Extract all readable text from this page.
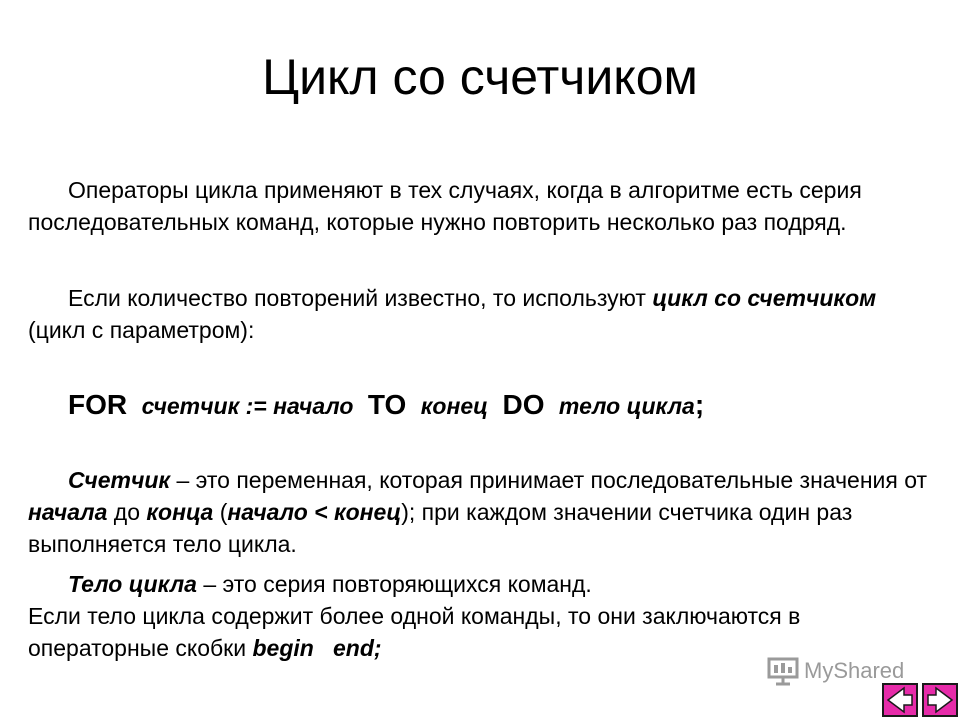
Цикл со счетчиком

Операторы цикла применяют в тех случаях, когда в алгоритме есть серия последовательных команд, которые нужно повторить несколько раз подряд.

Если количество повторений известно, то используют цикл со счетчиком (цикл с параметром):

FOR счетчик := начало TO конец DO тело цикла;

Счетчик – это переменная, которая принимает последовательные значения от начала до конца (начало < конец); при каждом значении счетчика один раз выполняется тело цикла.

Тело цикла – это серия повторяющихся команд.
Если тело цикла содержит более одной команды, то они заключаются в операторные скобки begin end;

MyShared
